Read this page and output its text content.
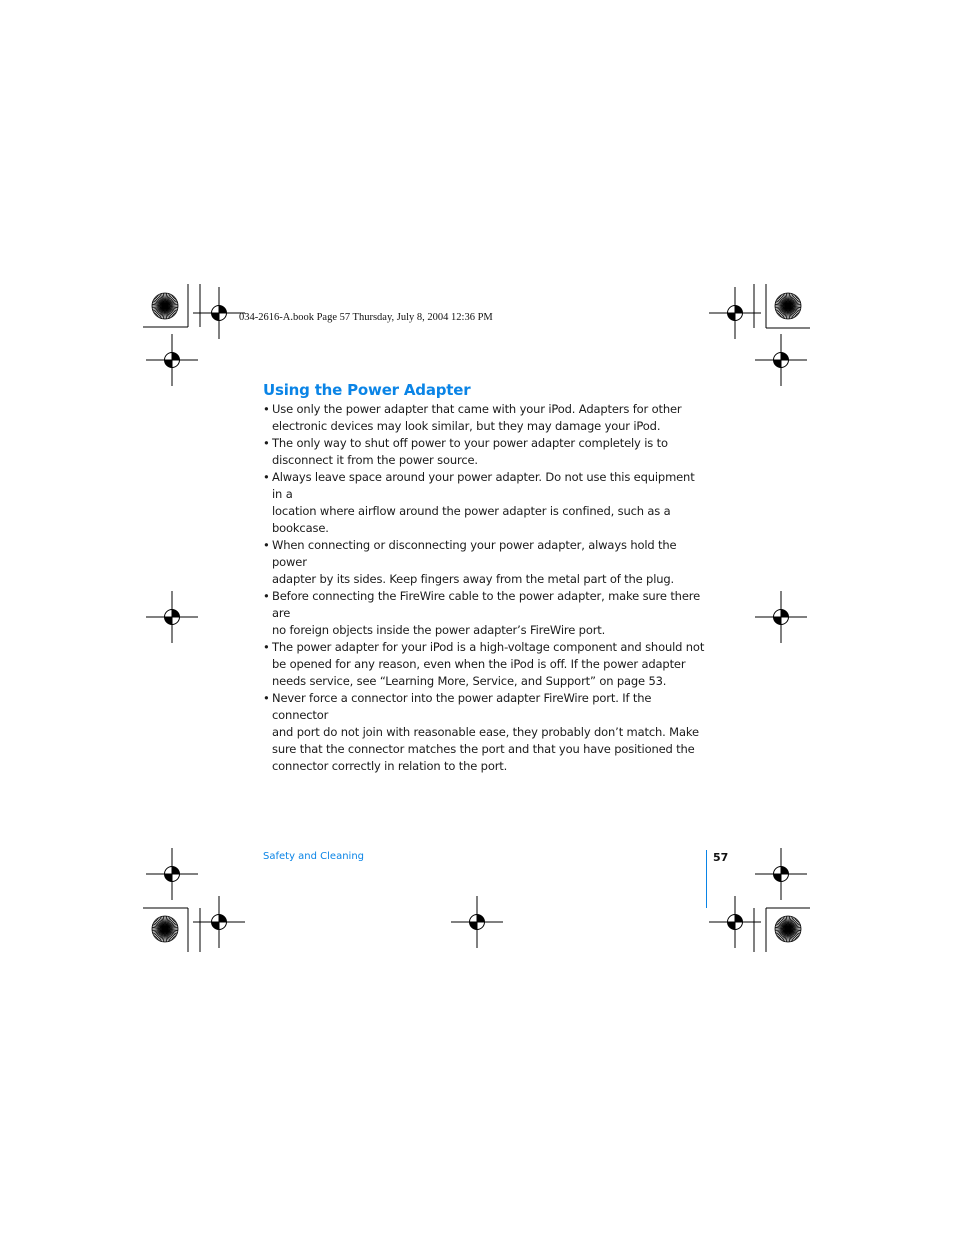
034-2616-A.book Page 57 Thursday, July 8, 2004 12:36 PM
Using the Power Adapter
• Use only the power adapter that came with your iPod. Adapters for other
electronic devices may look similar, but they may damage your iPod.
• The only way to shut off power to your power adapter completely is to
disconnect it from the power source.
• Always leave space around your power adapter. Do not use this equipment in a
location where airflow around the power adapter is confined, such as a
bookcase.
• When connecting or disconnecting your power adapter, always hold the power
adapter by its sides. Keep fingers away from the metal part of the plug.
• Before connecting the FireWire cable to the power adapter, make sure there are
no foreign objects inside the power adapter’s FireWire port.
• The power adapter for your iPod is a high-voltage component and should not
be opened for any reason, even when the iPod is off. If the power adapter
needs service, see “Learning More, Service, and Support” on page 53.
• Never force a connector into the power adapter FireWire port. If the connector
and port do not join with reasonable ease, they probably don’t match. Make
sure that the connector matches the port and that you have positioned the
connector correctly in relation to the port.
Safety and Cleaning	57
